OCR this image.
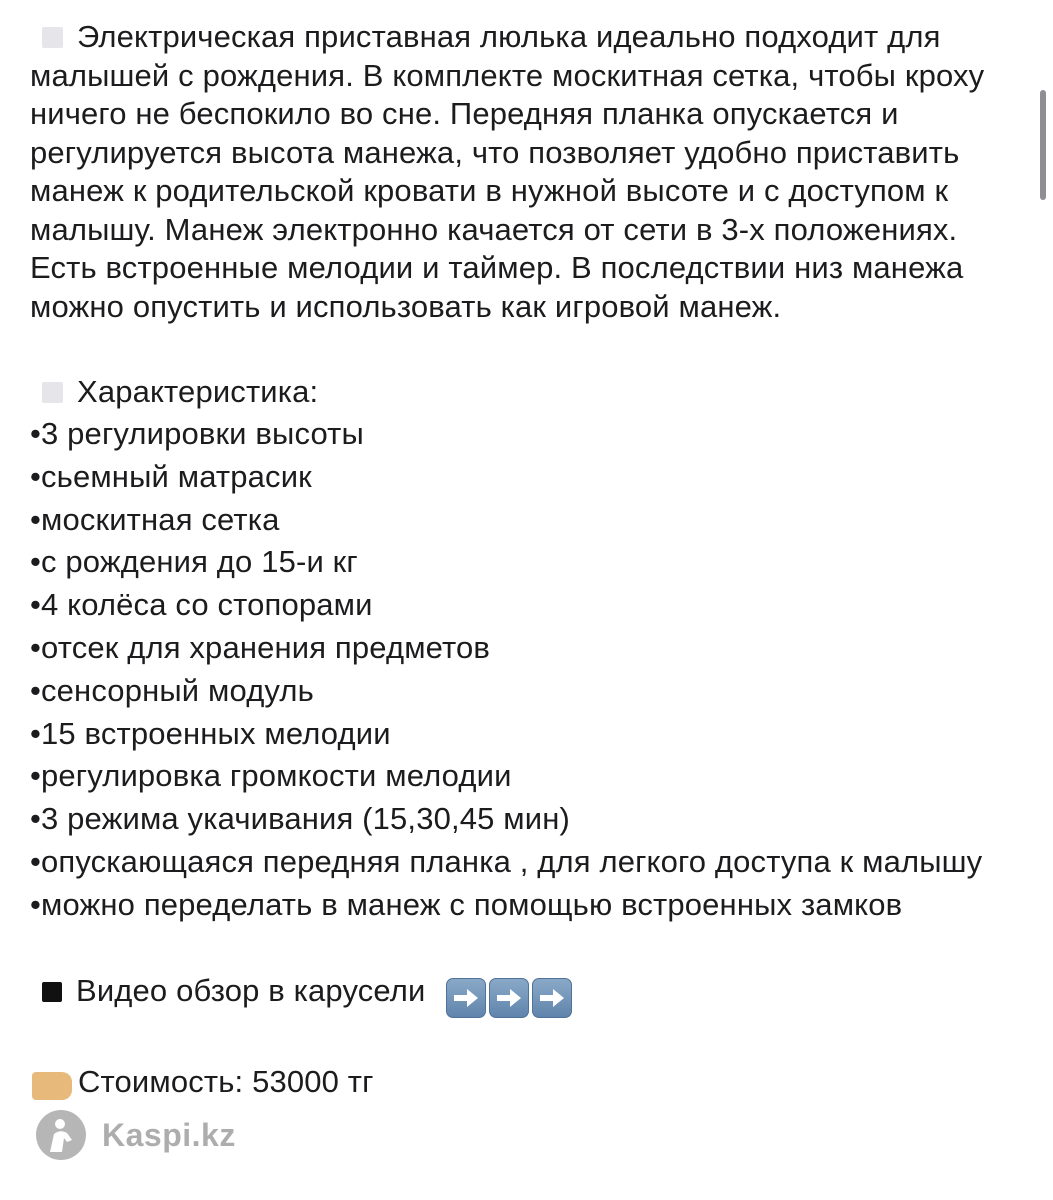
Электрическая приставная люлька идеально подходит для малышей с рождения. В комплекте москитная сетка, чтобы кроху ничего не беспокило во сне. Передняя планка опускается и регулируется высота манежа, что позволяет удобно приставить манеж к родительской кровати в нужной высоте и с доступом к малышу. Манеж электронно качается от сети в 3-х положениях. Есть встроенные мелодии и таймер. В последствии низ манежа можно опустить и использовать как игровой манеж.

Характеристика:
•3 регулировки высоты
•сьемный матрасик
•москитная сетка
•с рождения до 15-и кг
•4 колёса со стопорами
•отсек для хранения предметов
•сенсорный модуль
•15 встроенных мелодии
•регулировка громкости мелодии
•3 режима укачивания (15,30,45 мин)
•опускающаяся передняя планка , для легкого доступа к малышу
•можно переделать в манеж с помощью встроенных замков
Видео обзор в карусели
Стоимость: 53000 тг
Kaspi.kz
